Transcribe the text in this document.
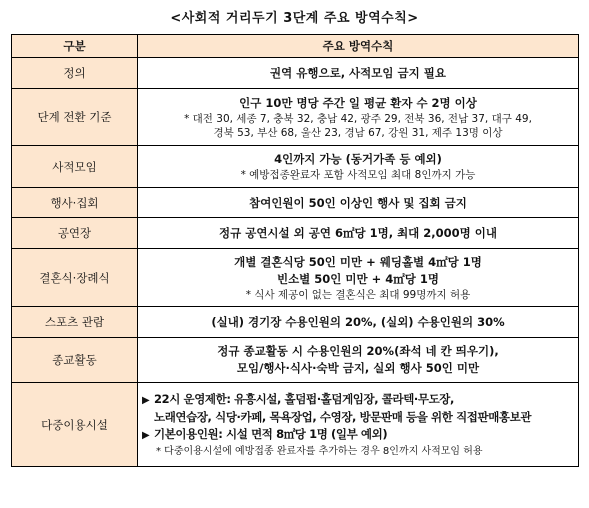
<사회적 거리두기 3단계 주요 방역수칙>
구분	주요 방역수칙
정의	권역 유행으로, 사적모임 금지 필요
단계 전환 기준	인구 10만 명당 주간 일 평균 환자 수 2명 이상
* 대전 30, 세종 7, 충북 32, 충남 42, 광주 29, 전북 36, 전남 37, 대구 49,
경북 53, 부산 68, 울산 23, 경남 67, 강원 31, 제주 13명 이상

사적모임	4인까지 가능 (동거가족 등 예외)
* 예방접종완료자 포함 사적모임 최대 8인까지 가능

행사·집회	참여인원이 50인 이상인 행사 및 집회 금지
공연장	정규 공연시설 외 공연 6㎡당 1명, 최대 2,000명 이내
결혼식·장례식	개별 결혼식당 50인 미만 + 웨딩홀별 4㎡당 1명
빈소별 50인 미만 + 4㎡당 1명
* 식사 제공이 없는 결혼식은 최대 99명까지 허용

스포츠 관람	(실내) 경기장 수용인원의 20%, (실외) 수용인원의 30%
종교활동	정규 종교활동 시 수용인원의 20%(좌석 네 칸 띄우기),
모임/행사·식사·숙박 금지, 실외 행사 50인 미만

다중이용시설	▶ 22시 운영제한: 유흥시설, 홀덤펍·홀덤게임장, 콜라텍·무도장,
노래연습장, 식당·카페, 목욕장업, 수영장, 방문판매 등을 위한 직접판매홍보관
▶ 기본이용인원: 시설 면적 8㎡당 1명 (일부 예외)
* 다중이용시설에 예방접종 완료자를 추가하는 경우 8인까지 사적모임 허용
